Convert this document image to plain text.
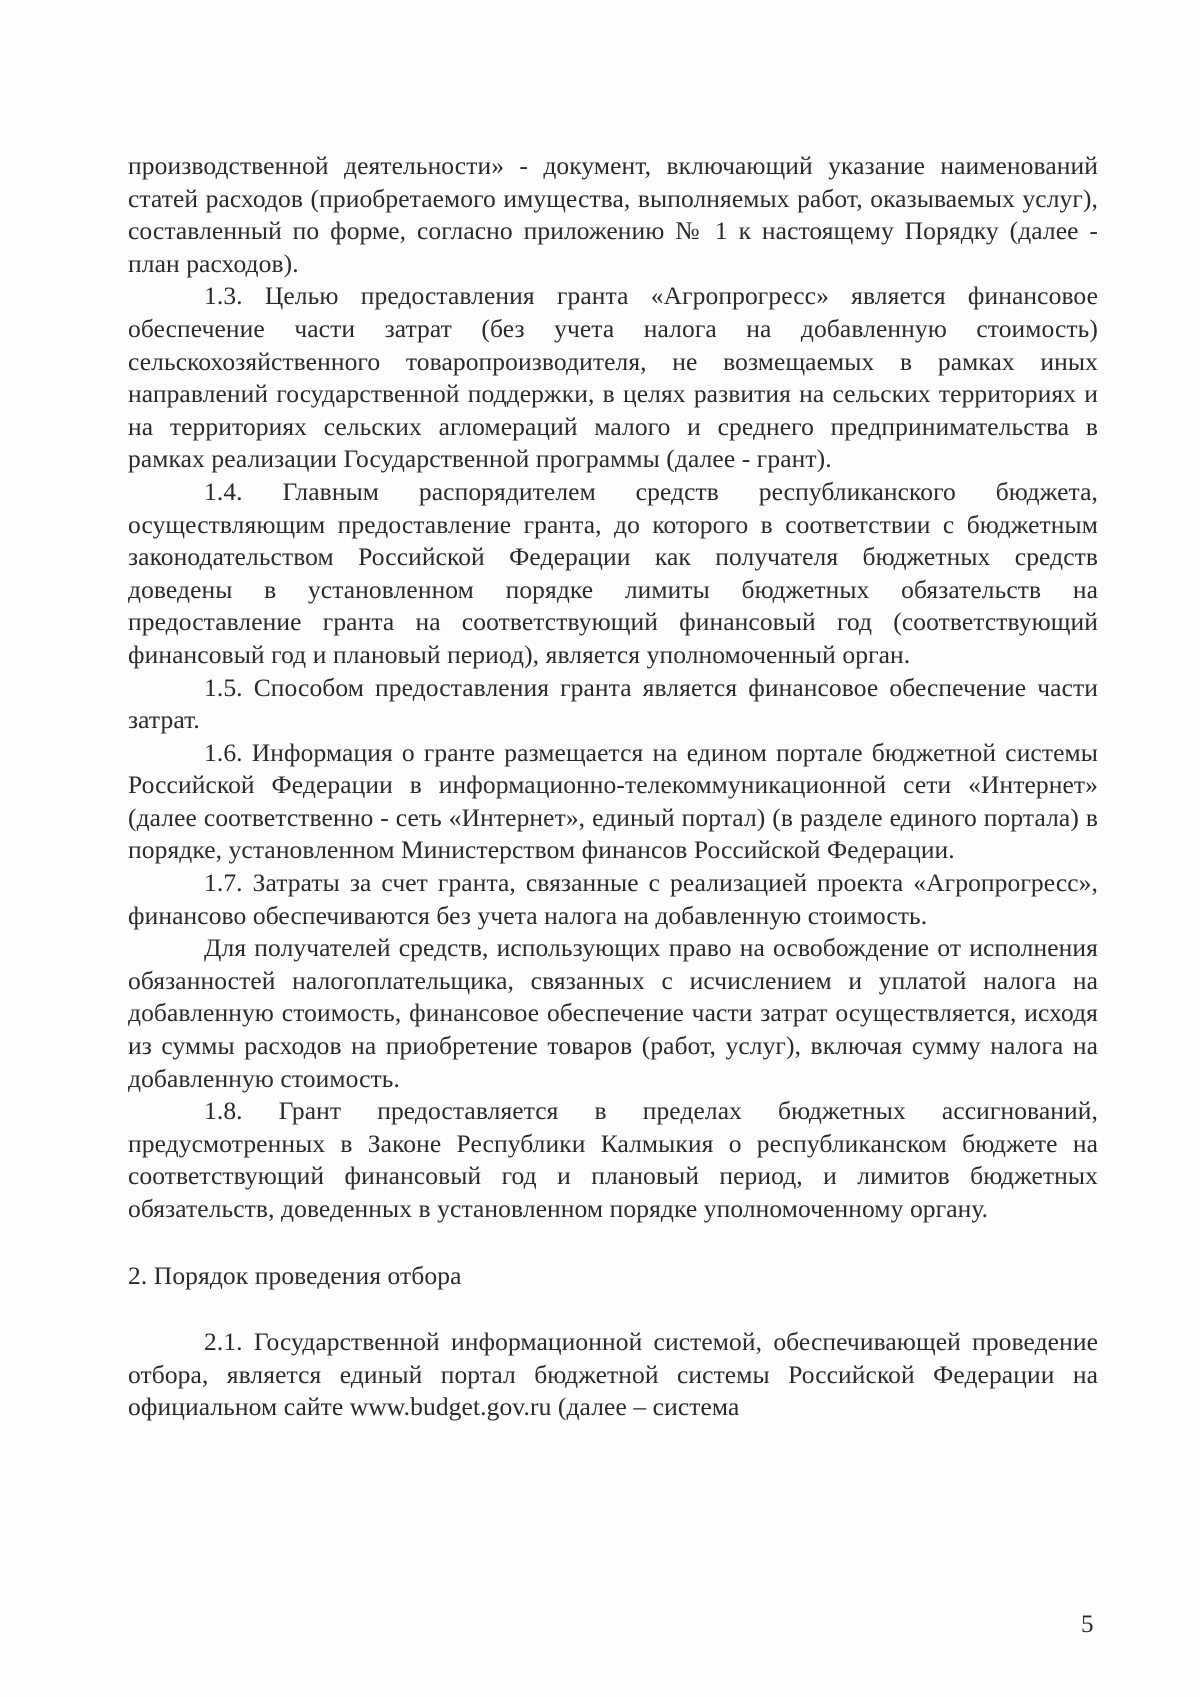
производственной деятельности» - документ, включающий указание наименований статей расходов (приобретаемого имущества, выполняемых работ, оказываемых услуг), составленный по форме, согласно приложению № 1 к настоящему Порядку (далее - план расходов).

1.3. Целью предоставления гранта «Агропрогресс» является финансовое обеспечение части затрат (без учета налога на добавленную стоимость) сельскохозяйственного товаропроизводителя, не возмещаемых в рамках иных направлений государственной поддержки, в целях развития на сельских территориях и на территориях сельских агломераций малого и среднего предпринимательства в рамках реализации Государственной программы (далее - грант).

1.4. Главным распорядителем средств республиканского бюджета, осуществляющим предоставление гранта, до которого в соответствии с бюджетным законодательством Российской Федерации как получателя бюджетных средств доведены в установленном порядке лимиты бюджетных обязательств на предоставление гранта на соответствующий финансовый год (соответствующий финансовый год и плановый период), является уполномоченный орган.

1.5. Способом предоставления гранта является финансовое обеспечение части затрат.

1.6. Информация о гранте размещается на едином портале бюджетной системы Российской Федерации в информационно-телекоммуникационной сети «Интернет» (далее соответственно - сеть «Интернет», единый портал) (в разделе единого портала) в порядке, установленном Министерством финансов Российской Федерации.

1.7. Затраты за счет гранта, связанные с реализацией проекта «Агропрогресс», финансово обеспечиваются без учета налога на добавленную стоимость.

Для получателей средств, использующих право на освобождение от исполнения обязанностей налогоплательщика, связанных с исчислением и уплатой налога на добавленную стоимость, финансовое обеспечение части затрат осуществляется, исходя из суммы расходов на приобретение товаров (работ, услуг), включая сумму налога на добавленную стоимость.

1.8. Грант предоставляется в пределах бюджетных ассигнований, предусмотренных в Законе Республики Калмыкия о республиканском бюджете на соответствующий финансовый год и плановый период, и лимитов бюджетных обязательств, доведенных в установленном порядке уполномоченному органу.

2. Порядок проведения отбора

2.1. Государственной информационной системой, обеспечивающей проведение отбора, является единый портал бюджетной системы Российской Федерации на официальном сайте www.budget.gov.ru (далее – система

5
